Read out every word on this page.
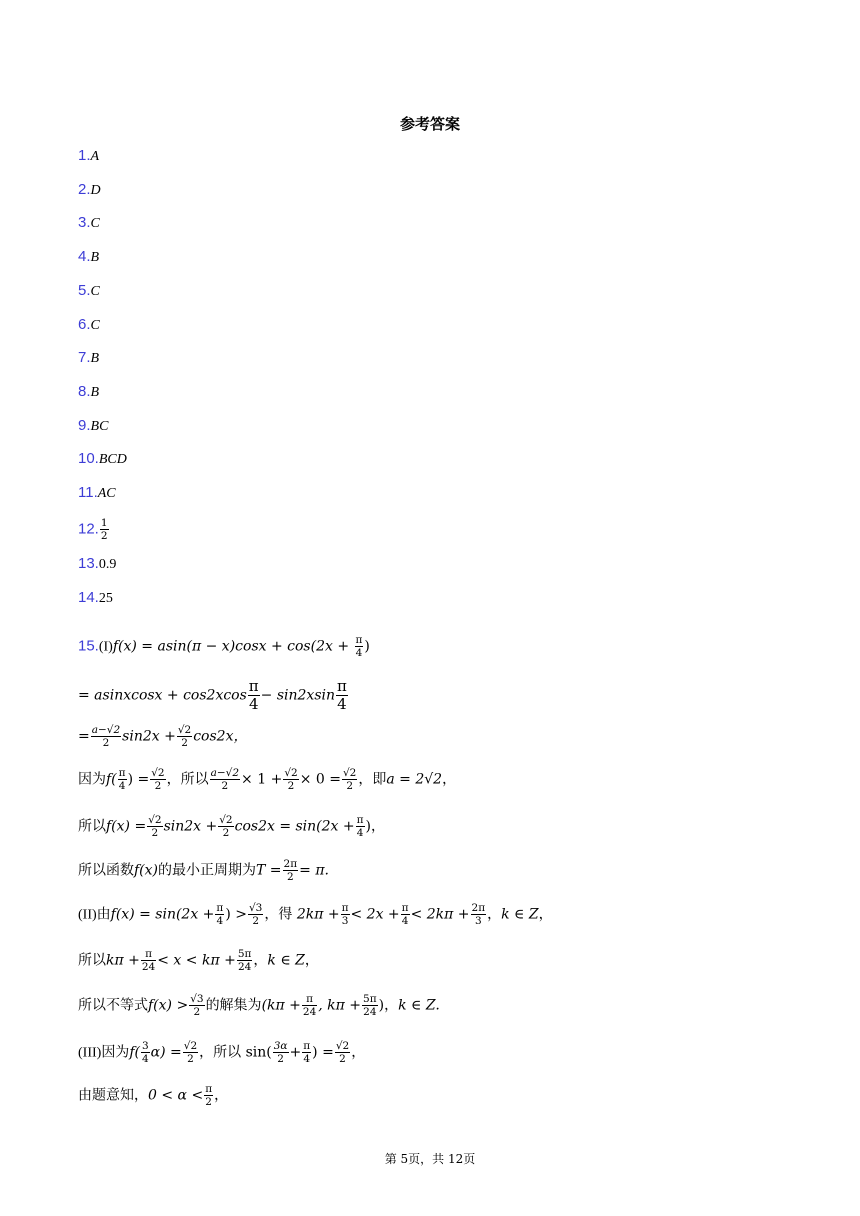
参考答案
1.A
2.D
3.C
4.B
5.C
6.C
7.B
8.B
9.BC
10.BCD
11.AC
12. $\frac{1}{2}$
13.0.9
14.25
$15.(I)f(x) = asin(\pi - x)\cos x + \cos(2x + \frac{\pi}{4}$ )
= asinxcosx + $\cos 2xcos \frac{\pi}{4} - \sin 2xsin \frac{\pi}{4}$
= $\frac{a-√2}{2} \sin 2x + \frac{√2}{2} \cos 2x$，
因为$f( \frac{\pi}{4}$ ) = $\frac{√2}{2}$ ，所以 $\frac{a-√2}{2} \times 1 + \frac{√2}{2} \times 0 = \frac{√2}{2}$ ，即a = 2√2，
所以$f(x) = \frac{√2}{2} \sin 2x + \frac{√2}{2} \cos 2x = \sin(2x + \frac{\pi}{4}$ )，
所以函数f(x)的最小正周期为$T = \frac{2\pi}{2} = \pi$.
(II)由$f(x) = \sin(2x + \frac{\pi}{4}$ ) > $\frac{√3}{2}$ ，得 $2k\pi + \frac{\pi}{3} < 2x + \frac{\pi}{4} < 2k\pi + \frac{2\pi}{3}$ ，k ∈ Z，
所以$k\pi + \frac{\pi}{24} < x < k\pi + \frac{5\pi}{24}$ ，k ∈ Z，
所以不等式$f(x) > \frac{√3}{2}$ 的解集为($k\pi + \frac{\pi}{24}$ , $k\pi + \frac{5\pi}{24}$ )，k ∈ Z.
(III)因为$f( \frac{3}{4} \alpha) = \frac{√2}{2}$ ，所以 $\sin( \frac{3\alpha}{2} + \frac{\pi}{4}$ ) = $\frac{√2}{2}$ ，
由题意知，$0 < \alpha < \frac{\pi}{2}$ ，
第 5页，共 12页
